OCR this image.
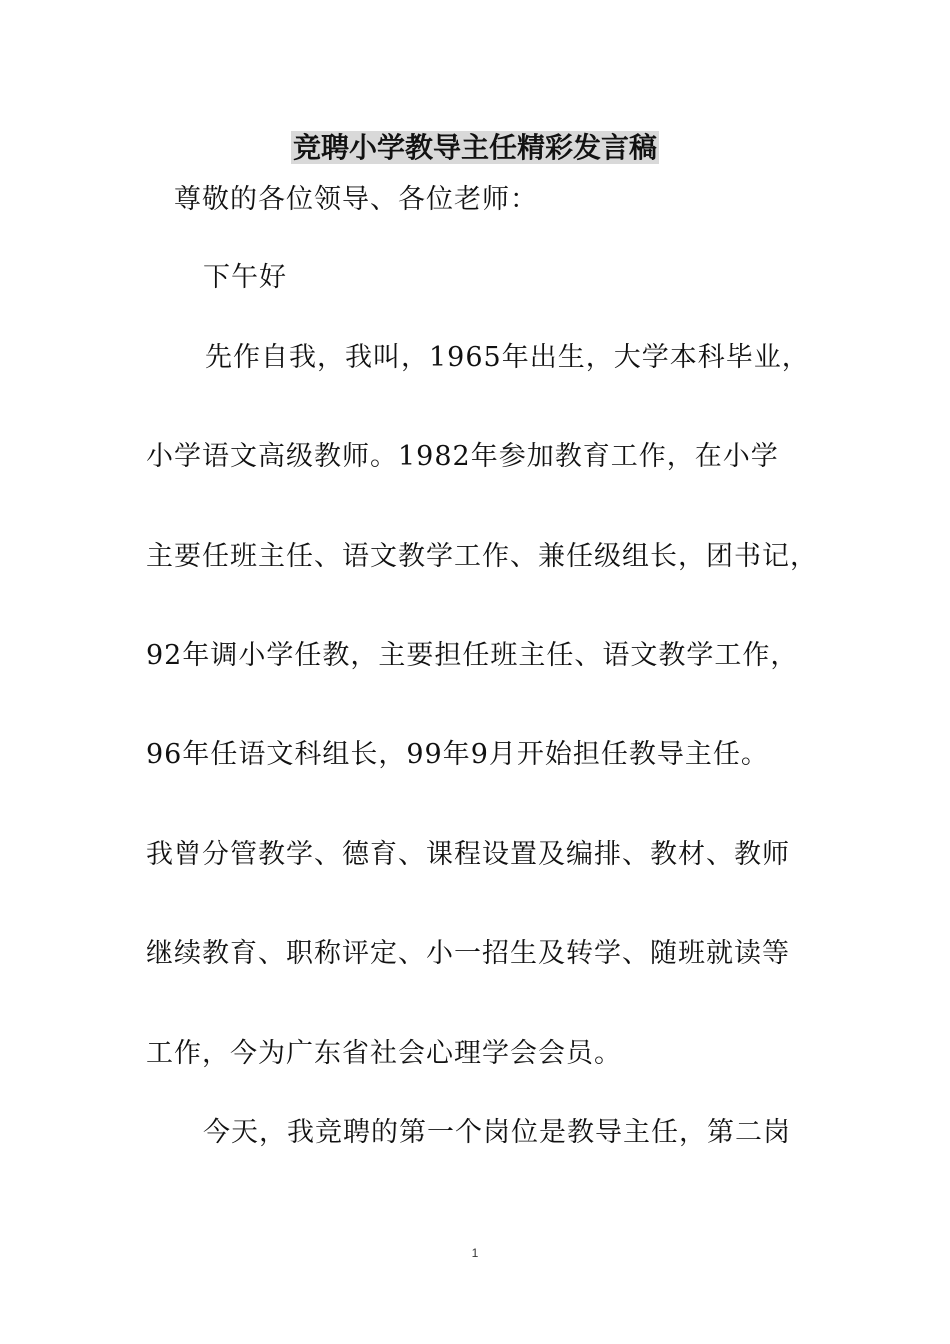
竞聘小学教导主任精彩发言稿
尊敬的各位领导、各位老师：
下午好
先作自我，我叫，1965年出生，大学本科毕业，
小学语文高级教师。1982年参加教育工作，在小学
主要任班主任、语文教学工作、兼任级组长，团书记，
92年调小学任教，主要担任班主任、语文教学工作，
96年任语文科组长，99年9月开始担任教导主任。
我曾分管教学、德育、课程设置及编排、教材、教师
继续教育、职称评定、小一招生及转学、随班就读等
工作，今为广东省社会心理学会会员。
今天，我竞聘的第一个岗位是教导主任，第二岗
1
